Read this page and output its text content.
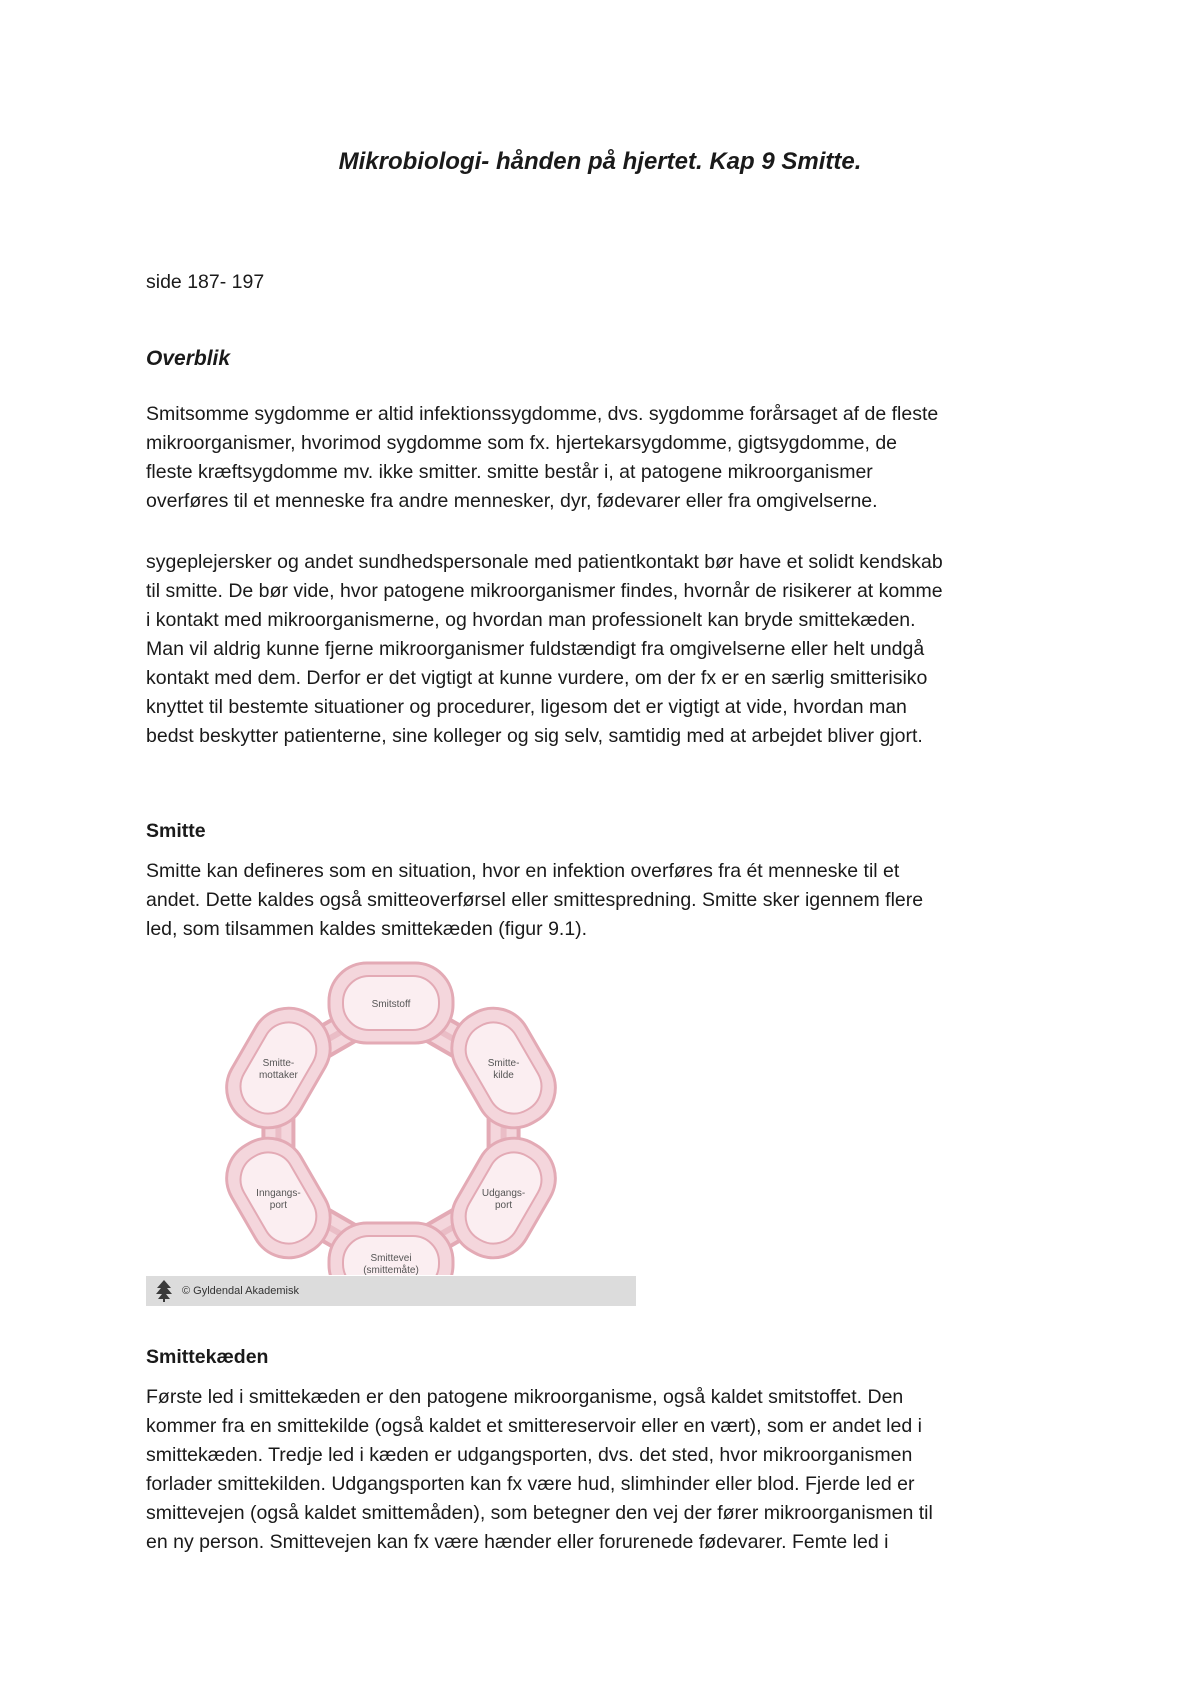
Mikrobiologi- hånden på hjertet. Kap 9 Smitte.

side 187- 197

Overblik

Smitsomme sygdomme er altid infektionssygdomme, dvs. sygdomme forårsaget af de fleste
mikroorganismer, hvorimod sygdomme som fx. hjertekarsygdomme, gigtsygdomme, de
fleste kræftsygdomme mv. ikke smitter. smitte består i, at patogene mikroorganismer
overføres til et menneske fra andre mennesker, dyr, fødevarer eller fra omgivelserne.

sygeplejersker og andet sundhedspersonale med patientkontakt bør have et solidt kendskab
til smitte. De bør vide, hvor patogene mikroorganismer findes, hvornår de risikerer at komme
i kontakt med mikroorganismerne, og hvordan man professionelt kan bryde smittekæden.
Man vil aldrig kunne fjerne mikroorganismer fuldstændigt fra omgivelserne eller helt undgå
kontakt med dem. Derfor er det vigtigt at kunne vurdere, om der fx er en særlig smitterisiko
knyttet til bestemte situationer og procedurer, ligesom det er vigtigt at vide, hvordan man
bedst beskytter patienterne, sine kolleger og sig selv, samtidig med at arbejdet bliver gjort.

Smitte

Smitte kan defineres som en situation, hvor en infektion overføres fra ét menneske til et
andet. Dette kaldes også smitteoverførsel eller smittespredning. Smitte sker igennem flere
led, som tilsammen kaldes smittekæden (figur 9.1).

Smitstoff
Smitte-
kilde
Udgangs-
port
Smittevei
(smittemåte)
Inngangs-
port
Smitte-
mottaker
© Gyldendal Akademisk
Smittekæden

Første led i smittekæden er den patogene mikroorganisme, også kaldet smitstoffet. Den
kommer fra en smittekilde (også kaldet et smittereservoir eller en vært), som er andet led i
smittekæden. Tredje led i kæden er udgangsporten, dvs. det sted, hvor mikroorganismen
forlader smittekilden. Udgangsporten kan fx være hud, slimhinder eller blod. Fjerde led er
smittevejen (også kaldet smittemåden), som betegner den vej der fører mikroorganismen til
en ny person. Smittevejen kan fx være hænder eller forurenede fødevarer. Femte led i
